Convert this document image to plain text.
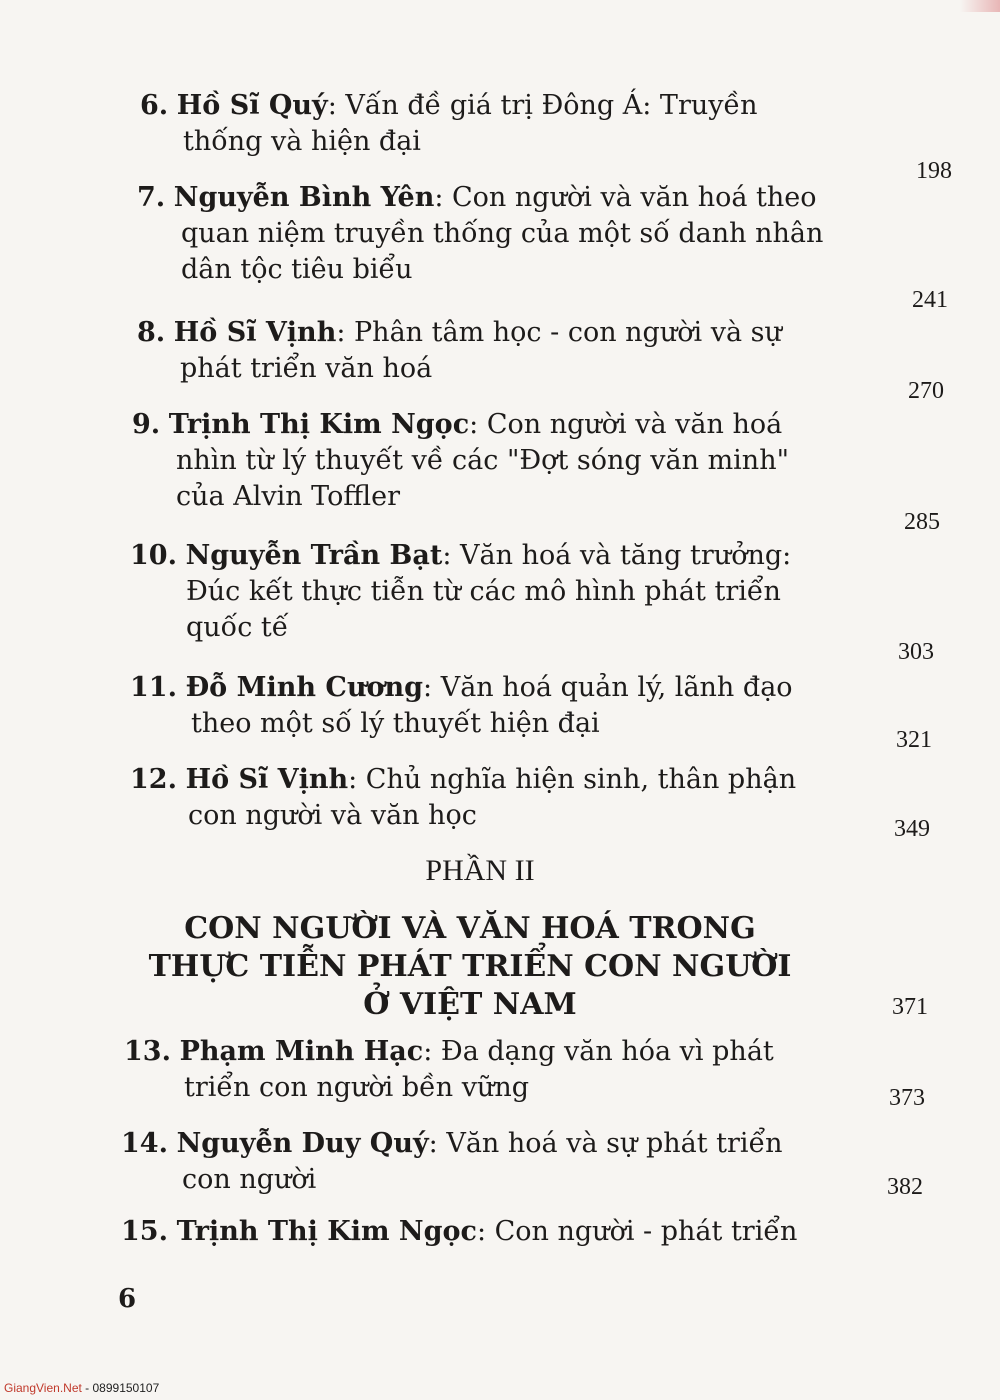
6. Hồ Sĩ Quý: Vấn đề giá trị Đông Á: Truyền
thống và hiện đại
198
7. Nguyễn Bình Yên: Con người và văn hoá theo
quan niệm truyền thống của một số danh nhân
dân tộc tiêu biểu
241
8. Hồ Sĩ Vịnh: Phân tâm học - con người và sự
phát triển văn hoá
270
9. Trịnh Thị Kim Ngọc: Con người và văn hoá
nhìn từ lý thuyết về các "Đợt sóng văn minh"
của Alvin Toffler
285
10. Nguyễn Trần Bạt: Văn hoá và tăng trưởng:
Đúc kết thực tiễn từ các mô hình phát triển
quốc tế
303
11. Đỗ Minh Cương: Văn hoá quản lý, lãnh đạo
theo một số lý thuyết hiện đại
321
12. Hồ Sĩ Vịnh: Chủ nghĩa hiện sinh, thân phận
con người và văn học	349
PHẦN II
CON NGƯỜI VÀ VĂN HOÁ TRONG
THỰC TIỄN PHÁT TRIỂN CON NGƯỜI
Ở VIỆT NAM	371
13. Phạm Minh Hạc: Đa dạng văn hóa vì phát
triển con người bền vững	373
14. Nguyễn Duy Quý: Văn hoá và sự phát triển
con người	382
15. Trịnh Thị Kim Ngọc: Con người - phát triển
6
GiangVien.Net - 0899150107
